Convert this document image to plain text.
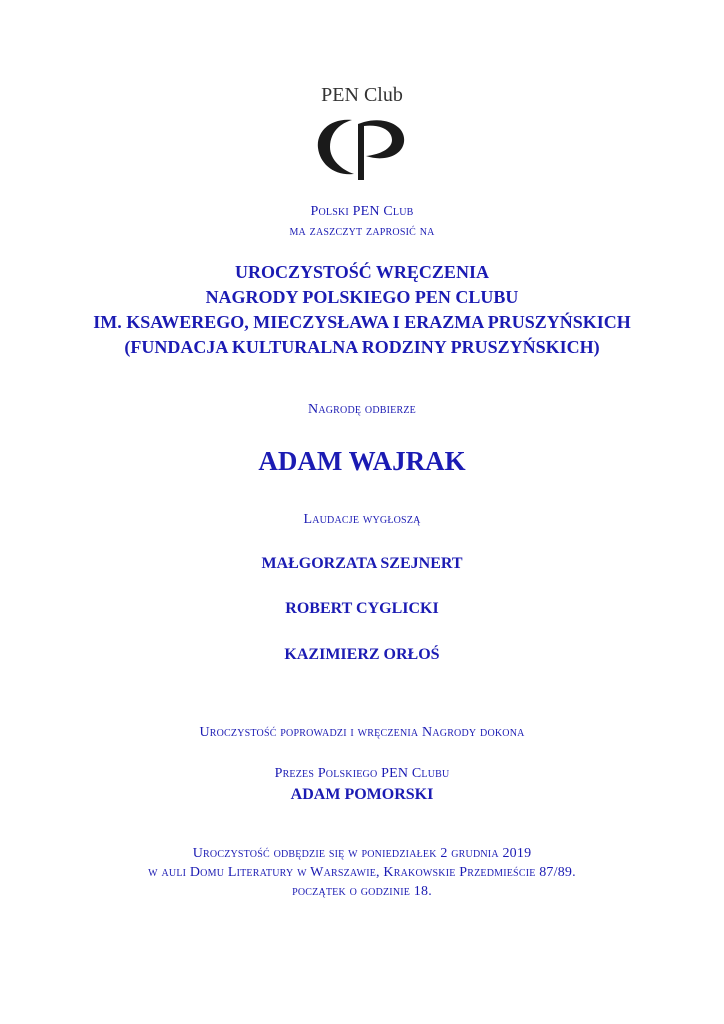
PEN Club
Polski PEN Club
ma zaszczyt zaprosić na
UROCZYSTOŚĆ WRĘCZENIA
NAGRODY POLSKIEGO PEN CLUBU
IM. KSAWEREGO, MIECZYSŁAWA I ERAZMA PRUSZYŃSKICH
(FUNDACJA KULTURALNA RODZINY PRUSZYŃSKICH)
Nagrodę odbierze
ADAM WAJRAK
Laudacje wygłoszą
MAŁGORZATA SZEJNERT
ROBERT CYGLICKI
KAZIMIERZ ORŁOŚ
Uroczystość poprowadzi i wręczenia Nagrody dokona
Prezes Polskiego PEN Clubu
ADAM POMORSKI
Uroczystość odbędzie się w poniedziałek 2 grudnia 2019
w auli Domu Literatury w Warszawie, Krakowskie Przedmieście 87/89.
początek o godzinie 18.
